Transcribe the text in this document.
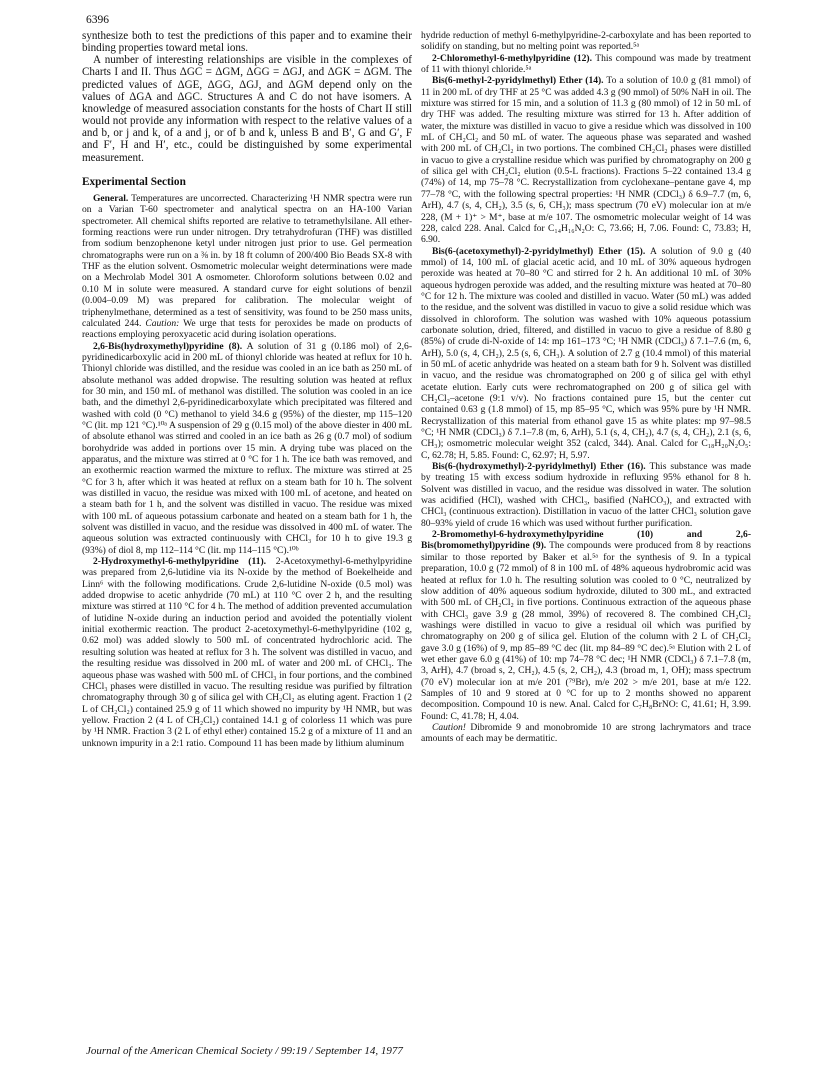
6396

synthesize both to test the predictions of this paper and to examine their binding properties toward metal ions.

A number of interesting relationships are visible in the complexes of Charts I and II. Thus ΔGC = ΔGM, ΔGG = ΔGJ, and ΔGK = ΔGM. The predicted values of ΔGE, ΔGG, ΔGJ, and ΔGM depend only on the values of ΔGA and ΔGC. Structures A and C do not have isomers. A knowledge of measured association constants for the hosts of Chart II still would not provide any information with respect to the relative values of a and b, or j and k, of a and j, or of b and k, unless B and B′, G and G′, F and F′, H and H′, etc., could be distinguished by some experimental measurement.

Experimental Section

General. Temperatures are uncorrected. Characterizing ¹H NMR spectra were run on a Varian T-60 spectrometer and analytical spectra on an HA-100 Varian spectrometer. All chemical shifts reported are relative to tetramethylsilane. All ether-forming reactions were run under nitrogen. Dry tetrahydrofuran (THF) was distilled from sodium benzophenone ketyl under nitrogen just prior to use. Gel permeation chromatographs were run on a ⅜ in. by 18 ft column of 200/400 Bio Beads SX-8 with THF as the elution solvent. Osmometric molecular weight determinations were made on a Mechrolab Model 301 A osmometer. Chloroform solutions between 0.02 and 0.10 M in solute were measured. A standard curve for eight solutions of benzil (0.004–0.09 M) was prepared for calibration. The molecular weight of triphenylmethane, determined as a test of sensitivity, was found to be 250 mass units, calculated 244. Caution: We urge that tests for peroxides be made on products of reactions employing peroxyacetic acid during isolation operations.

2,6-Bis(hydroxymethyl)pyridine (8). A solution of 31 g (0.186 mol) of 2,6-pyridinedicarboxylic acid in 200 mL of thionyl chloride was heated at reflux for 10 h. Thionyl chloride was distilled, and the residue was cooled in an ice bath as 250 mL of absolute methanol was added dropwise. The resulting solution was heated at reflux for 30 min, and 150 mL of methanol was distilled. The solution was cooled in an ice bath, and the dimethyl 2,6-pyridinedicarboxylate which precipitated was filtered and washed with cold (0 °C) methanol to yield 34.6 g (95%) of the diester, mp 115–120 °C (lit. mp 121 °C).¹⁰ᵃ A suspension of 29 g (0.15 mol) of the above diester in 400 mL of absolute ethanol was stirred and cooled in an ice bath as 26 g (0.7 mol) of sodium borohydride was added in portions over 15 min. A drying tube was placed on the apparatus, and the mixture was stirred at 0 °C for 1 h. The ice bath was removed, and an exothermic reaction warmed the mixture to reflux. The mixture was stirred at 25 °C for 3 h, after which it was heated at reflux on a steam bath for 10 h. The solvent was distilled in vacuo, the residue was mixed with 100 mL of acetone, and heated on a steam bath for 1 h, and the solvent was distilled in vacuo. The residue was mixed with 100 mL of aqueous potassium carbonate and heated on a steam bath for 1 h, the solvent was distilled in vacuo, and the residue was dissolved in 400 mL of water. The aqueous solution was extracted continuously with CHCl₃ for 10 h to give 19.3 g (93%) of diol 8, mp 112–114 °C (lit. mp 114–115 °C).¹⁰ᵇ

2-Hydroxymethyl-6-methylpyridine (11). 2-Acetoxymethyl-6-methylpyridine was prepared from 2,6-lutidine via its N-oxide by the method of Boekelheide and Linn⁶ with the following modifications. Crude 2,6-lutidine N-oxide (0.5 mol) was added dropwise to acetic anhydride (70 mL) at 110 °C over 2 h, and the resulting mixture was stirred at 110 °C for 4 h. The method of addition prevented accumulation of lutidine N-oxide during an induction period and avoided the potentially violent initial exothermic reaction. The product 2-acetoxymethyl-6-methylpyridine (102 g, 0.62 mol) was added slowly to 500 mL of concentrated hydrochloric acid. The resulting solution was heated at reflux for 3 h. The solvent was distilled in vacuo, and the resulting residue was dissolved in 200 mL of water and 200 mL of CHCl₃. The aqueous phase was washed with 500 mL of CHCl₃ in four portions, and the combined CHCl₃ phases were distilled in vacuo. The resulting residue was purified by filtration chromatography through 30 g of silica gel with CH₂Cl₂ as eluting agent. Fraction 1 (2 L of CH₂Cl₂) contained 25.9 g of 11 which showed no impurity by ¹H NMR, but was yellow. Fraction 2 (4 L of CH₂Cl₂) contained 14.1 g of colorless 11 which was pure by ¹H NMR. Fraction 3 (2 L of ethyl ether) contained 15.2 g of a mixture of 11 and an unknown impurity in a 2:1 ratio. Compound 11 has been made by lithium aluminum

hydride reduction of methyl 6-methylpyridine-2-carboxylate and has been reported to solidify on standing, but no melting point was reported.⁵ᵃ

2-Chloromethyl-6-methylpyridine (12). This compound was made by treatment of 11 with thionyl chloride.⁵ᵃ

Bis(6-methyl-2-pyridylmethyl) Ether (14). To a solution of 10.0 g (81 mmol) of 11 in 200 mL of dry THF at 25 °C was added 4.3 g (90 mmol) of 50% NaH in oil. The mixture was stirred for 15 min, and a solution of 11.3 g (80 mmol) of 12 in 50 mL of dry THF was added. The resulting mixture was stirred for 13 h. After addition of water, the mixture was distilled in vacuo to give a residue which was dissolved in 100 mL of CH₂Cl₂ and 50 mL of water. The aqueous phase was separated and washed with 200 mL of CH₂Cl₂ in two portions. The combined CH₂Cl₂ phases were distilled in vacuo to give a crystalline residue which was purified by chromatography on 200 g of silica gel with CH₂Cl₂ elution (0.5-L fractions). Fractions 5–22 contained 13.4 g (74%) of 14, mp 75–78 °C. Recrystallization from cyclohexane–pentane gave 4, mp 77–78 °C, with the following spectral properties: ¹H NMR (CDCl₃) δ 6.9–7.7 (m, 6, ArH), 4.7 (s, 4, CH₂), 3.5 (s, 6, CH₃); mass spectrum (70 eV) molecular ion at m/e 228, (M + 1)⁺ > M⁺, base at m/e 107. The osmometric molecular weight of 14 was 228, calcd 228. Anal. Calcd for C₁₄H₁₆N₂O: C, 73.66; H, 7.06. Found: C, 73.83; H, 6.90.

Bis(6-(acetoxymethyl)-2-pyridylmethyl) Ether (15). A solution of 9.0 g (40 mmol) of 14, 100 mL of glacial acetic acid, and 10 mL of 30% aqueous hydrogen peroxide was heated at 70–80 °C and stirred for 2 h. An additional 10 mL of 30% aqueous hydrogen peroxide was added, and the resulting mixture was heated at 70–80 °C for 12 h. The mixture was cooled and distilled in vacuo. Water (50 mL) was added to the residue, and the solvent was distilled in vacuo to give a solid residue which was dissolved in chloroform. The solution was washed with 10% aqueous potassium carbonate solution, dried, filtered, and distilled in vacuo to give a residue of 8.80 g (85%) of crude di-N-oxide of 14: mp 161–173 °C; ¹H NMR (CDCl₃) δ 7.1–7.6 (m, 6, ArH), 5.0 (s, 4, CH₂), 2.5 (s, 6, CH₃). A solution of 2.7 g (10.4 mmol) of this material in 50 mL of acetic anhydride was heated on a steam bath for 9 h. Solvent was distilled in vacuo, and the residue was chromatographed on 200 g of silica gel with ethyl acetate elution. Early cuts were rechromatographed on 200 g of silica gel with CH₂Cl₂–acetone (9:1 v/v). No fractions contained pure 15, but the center cut contained 0.63 g (1.8 mmol) of 15, mp 85–95 °C, which was 95% pure by ¹H NMR. Recrystallization of this material from ethanol gave 15 as white plates: mp 97–98.5 °C; ¹H NMR (CDCl₃) δ 7.1–7.8 (m, 6, ArH), 5.1 (s, 4, CH₂), 4.7 (s, 4, CH₂), 2.1 (s, 6, CH₃); osmometric molecular weight 352 (calcd, 344). Anal. Calcd for C₁₈H₂₀N₂O₅: C, 62.78; H, 5.85. Found: C, 62.97; H, 5.97.

Bis(6-(hydroxymethyl)-2-pyridylmethyl) Ether (16). This substance was made by treating 15 with excess sodium hydroxide in refluxing 95% ethanol for 8 h. Solvent was distilled in vacuo, and the residue was dissolved in water. The solution was acidified (HCl), washed with CHCl₃, basified (NaHCO₃), and extracted with CHCl₃ (continuous extraction). Distillation in vacuo of the latter CHCl₃ solution gave 80–93% yield of crude 16 which was used without further purification.

2-Bromomethyl-6-hydroxymethylpyridine (10) and 2,6-Bis(bromomethyl)pyridine (9). The compounds were produced from 8 by reactions similar to those reported by Baker et al.⁵ᵃ for the synthesis of 9. In a typical preparation, 10.0 g (72 mmol) of 8 in 100 mL of 48% aqueous hydrobromic acid was heated at reflux for 1.0 h. The resulting solution was cooled to 0 °C, neutralized by slow addition of 40% aqueous sodium hydroxide, diluted to 300 mL, and extracted with 500 mL of CH₂Cl₂ in five portions. Continuous extraction of the aqueous phase with CHCl₃ gave 3.9 g (28 mmol, 39%) of recovered 8. The combined CH₂Cl₂ washings were distilled in vacuo to give a residual oil which was purified by chromatography on 200 g of silica gel. Elution of the column with 2 L of CH₂Cl₂ gave 3.0 g (16%) of 9, mp 85–89 °C dec (lit. mp 84–89 °C dec).⁵ᵃ Elution with 2 L of wet ether gave 6.0 g (41%) of 10: mp 74–78 °C dec; ¹H NMR (CDCl₃) δ 7.1–7.8 (m, 3, ArH), 4.7 (broad s, 2, CH₂), 4.5 (s, 2, CH₂), 4.3 (broad m, 1, OH); mass spectrum (70 eV) molecular ion at m/e 201 (⁷⁹Br), m/e 202 > m/e 201, base at m/e 122. Samples of 10 and 9 stored at 0 °C for up to 2 months showed no apparent decomposition. Compound 10 is new. Anal. Calcd for C₇H₈BrNO: C, 41.61; H, 3.99. Found: C, 41.78; H, 4.04.

Caution! Dibromide 9 and monobromide 10 are strong lachrymators and trace amounts of each may be dermatitic.

Journal of the American Chemical Society / 99:19 / September 14, 1977
